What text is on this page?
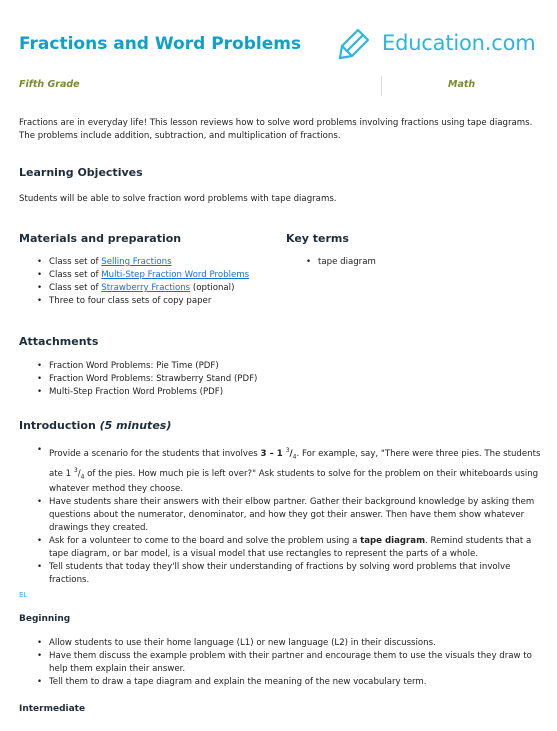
Fractions and Word Problems	Education.com
Fifth Grade	Math

Fractions are in everyday life! This lesson reviews how to solve word problems involving fractions using tape diagrams. The problems include addition, subtraction, and multiplication of fractions.

Learning Objectives

Students will be able to solve fraction word problems with tape diagrams.

Materials and preparation
• Class set of Selling Fractions
• Class set of Multi-Step Fraction Word Problems
• Class set of Strawberry Fractions (optional)
• Three to four class sets of copy paper
Key terms
• tape diagram
Attachments
• Fraction Word Problems: Pie Time (PDF)
• Fraction Word Problems: Strawberry Stand (PDF)
• Multi-Step Fraction Word Problems (PDF)
Introduction (5 minutes)
• Provide a scenario for the students that involves 3 – 1 $^3/_4$. For example, say, "There were three pies. The students ate 1 $^3/_4$ of the pies. How much pie is left over?" Ask students to solve for the problem on their whiteboards using whatever method they choose.
• Have students share their answers with their elbow partner. Gather their background knowledge by asking them questions about the numerator, denominator, and how they got their answer. Then have them show whatever drawings they created.
• Ask for a volunteer to come to the board and solve the problem using a tape diagram. Remind students that a tape diagram, or bar model, is a visual model that use rectangles to represent the parts of a whole.
• Tell students that today they'll show their understanding of fractions by solving word problems that involve fractions.
EL
Beginning
• Allow students to use their home language (L1) or new language (L2) in their discussions.
• Have them discuss the example problem with their partner and encourage them to use the visuals they draw to help them explain their answer.
• Tell them to draw a tape diagram and explain the meaning of the new vocabulary term.
Intermediate
